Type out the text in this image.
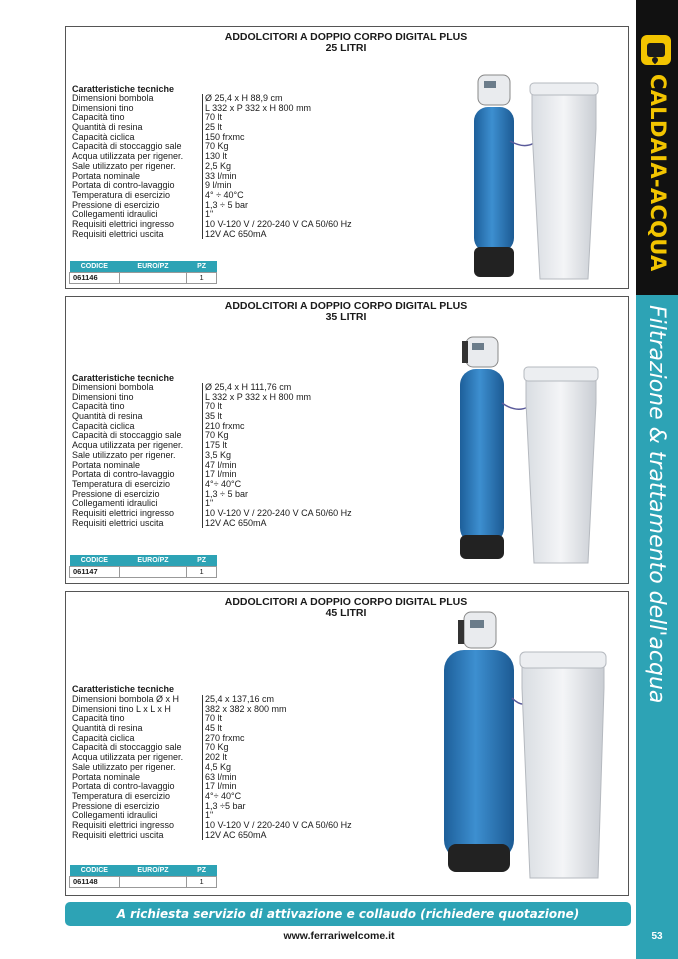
CALDAIA-ACQUA
Filtrazione & trattamento dell'acqua
53
ADDOLCITORI A DOPPIO CORPO DIGITAL PLUS
25 LITRI
Caratteristiche tecniche
Dimensioni bombola	Ø 25,4 x H 88,9 cm
Dimensioni tino	L 332 x P 332 x H 800 mm
Capacità tino	70 lt
Quantità di resina	25 lt
Capacità ciclica	150 frxmc
Capacità di stoccaggio sale	70 Kg
Acqua utilizzata per rigener.	130 lt
Sale utilizzato per rigener.	2,5 Kg
Portata nominale	33 l/min
Portata di contro-lavaggio	9 l/min
Temperatura di esercizio	4° ÷ 40°C
Pressione di esercizio	1,3 ÷ 5 bar
Collegamenti idraulici	1"
Requisiti elettrici ingresso	10 V-120 V / 220-240 V CA 50/60 Hz
Requisiti elettrici uscita	12V AC 650mA
CODICE	EURO/PZ	PZ
061146		1
ADDOLCITORI A DOPPIO CORPO DIGITAL PLUS
35 LITRI
Caratteristiche tecniche
Dimensioni bombola	Ø 25,4 x H 111,76 cm
Dimensioni tino	L 332 x P 332 x H 800 mm
Capacità tino	70 lt
Quantità di resina	35 lt
Capacità ciclica	210 frxmc
Capacità di stoccaggio sale	70 Kg
Acqua utilizzata per rigener.	175 lt
Sale utilizzato per rigener.	3,5 Kg
Portata nominale	47 l/min
Portata di contro-lavaggio	17 l/min
Temperatura di esercizio	4°÷ 40°C
Pressione di esercizio	1,3 ÷ 5 bar
Collegamenti idraulici	1"
Requisiti elettrici ingresso	10 V-120 V / 220-240 V CA 50/60 Hz
Requisiti elettrici uscita	12V AC 650mA
CODICE	EURO/PZ	PZ
061147		1
ADDOLCITORI A DOPPIO CORPO DIGITAL PLUS
45 LITRI
Caratteristiche tecniche
Dimensioni bombola Ø x H	25,4 x 137,16 cm
Dimensioni tino L x L x H	382 x 382 x 800 mm
Capacità tino	70 lt
Quantità di resina	45 lt
Capacità ciclica	270 frxmc
Capacità di stoccaggio sale	70 Kg
Acqua utilizzata per rigener.	202 lt
Sale utilizzato per rigener.	4,5 Kg
Portata nominale	63 l/min
Portata di contro-lavaggio	17 l/min
Temperatura di esercizio	4°÷ 40°C
Pressione di esercizio	1,3 ÷5 bar
Collegamenti idraulici	1"
Requisiti elettrici ingresso	10 V-120 V / 220-240 V CA 50/60 Hz
Requisiti elettrici uscita	12V AC 650mA
CODICE	EURO/PZ	PZ
061148		1
A richiesta servizio di attivazione e collaudo (richiedere quotazione)
www.ferrariwelcome.it
